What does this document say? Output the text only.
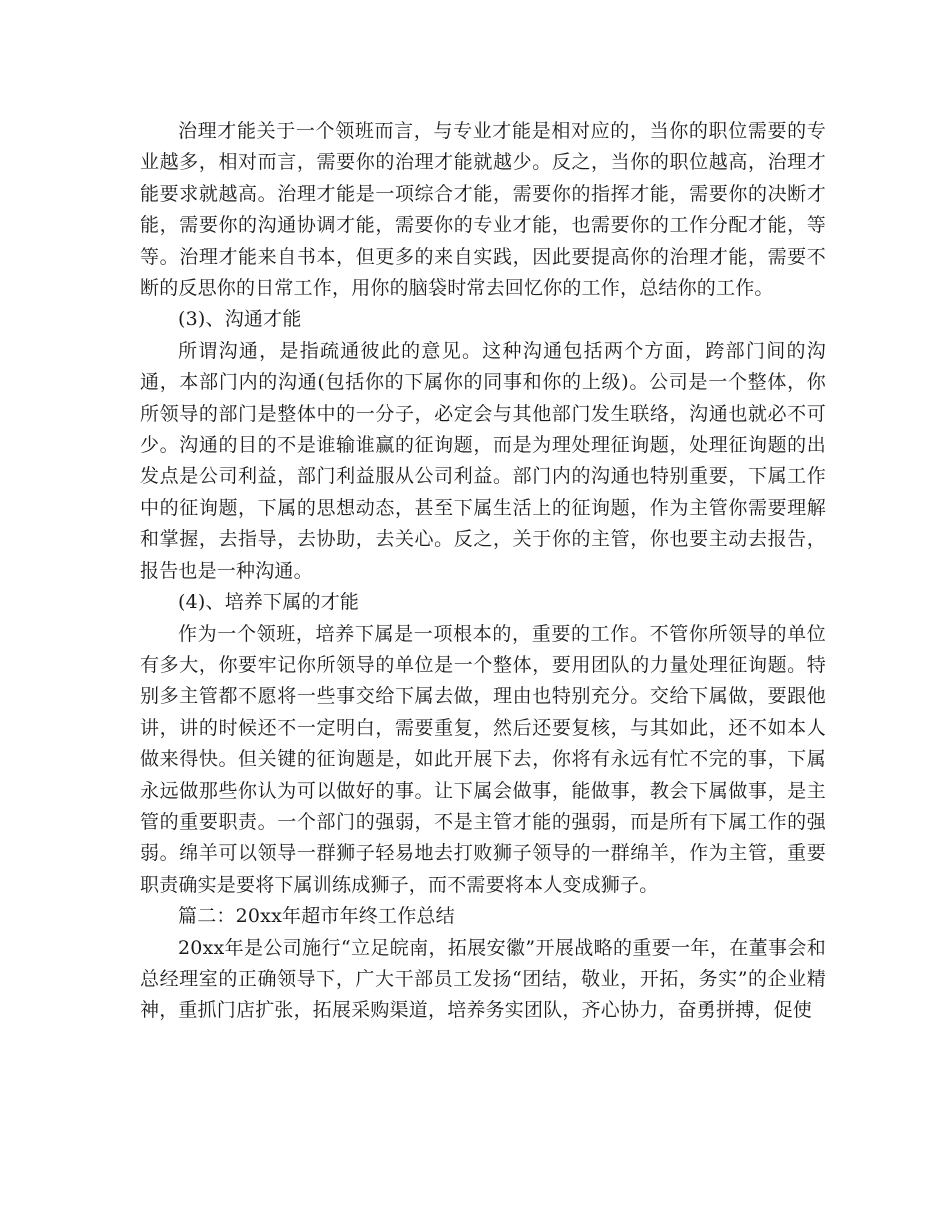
治理才能关于一个领班而言，与专业才能是相对应的，当你的职位需要的专业越多，相对而言，需要你的治理才能就越少。反之，当你的职位越高，治理才能要求就越高。治理才能是一项综合才能，需要你的指挥才能，需要你的决断才能，需要你的沟通协调才能，需要你的专业才能，也需要你的工作分配才能，等等。治理才能来自书本，但更多的来自实践，因此要提高你的治理才能，需要不断的反思你的日常工作，用你的脑袋时常去回忆你的工作，总结你的工作。

(3)、沟通才能

所谓沟通，是指疏通彼此的意见。这种沟通包括两个方面，跨部门间的沟通，本部门内的沟通(包括你的下属你的同事和你的上级)。公司是一个整体，你所领导的部门是整体中的一分子，必定会与其他部门发生联络，沟通也就必不可少。沟通的目的不是谁输谁赢的征询题，而是为理处理征询题，处理征询题的出发点是公司利益，部门利益服从公司利益。部门内的沟通也特别重要，下属工作中的征询题，下属的思想动态，甚至下属生活上的征询题，作为主管你需要理解和掌握，去指导，去协助，去关心。反之，关于你的主管，你也要主动去报告，报告也是一种沟通。

(4)、培养下属的才能

作为一个领班，培养下属是一项根本的，重要的工作。不管你所领导的单位有多大，你要牢记你所领导的单位是一个整体，要用团队的力量处理征询题。特别多主管都不愿将一些事交给下属去做，理由也特别充分。交给下属做，要跟他讲，讲的时候还不一定明白，需要重复，然后还要复核，与其如此，还不如本人做来得快。但关键的征询题是，如此开展下去，你将有永远有忙不完的事，下属永远做那些你认为可以做好的事。让下属会做事，能做事，教会下属做事，是主管的重要职责。一个部门的强弱，不是主管才能的强弱，而是所有下属工作的强弱。绵羊可以领导一群狮子轻易地去打败狮子领导的一群绵羊，作为主管，重要职责确实是要将下属训练成狮子，而不需要将本人变成狮子。

篇二：20xx年超市年终工作总结

20xx年是公司施行“立足皖南，拓展安徽”开展战略的重要一年，在董事会和总经理室的正确领导下，广大干部员工发扬“团结，敬业，开拓，务实”的企业精神，重抓门店扩张，拓展采购渠道，培养务实团队，齐心协力，奋勇拼搏，促使
